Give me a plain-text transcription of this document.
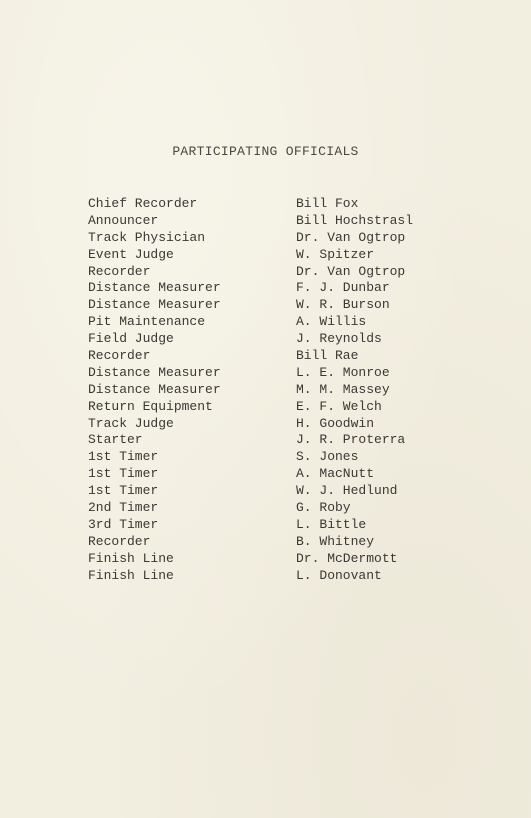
PARTICIPATING OFFICIALS
Chief Recorder	Bill Fox
Announcer	Bill Hochstrasl
Track Physician	Dr. Van Ogtrop
Event Judge	W. Spitzer
Recorder	Dr. Van Ogtrop
Distance Measurer	F. J. Dunbar
Distance Measurer	W. R. Burson
Pit Maintenance	A. Willis
Field Judge	J. Reynolds
Recorder	Bill Rae
Distance Measurer	L. E. Monroe
Distance Measurer	M. M. Massey
Return Equipment	E. F. Welch
Track Judge	H. Goodwin
Starter	J. R. Proterra
1st Timer	S. Jones
1st Timer	A. MacNutt
1st Timer	W. J. Hedlund
2nd Timer	G. Roby
3rd Timer	L. Bittle
Recorder	B. Whitney
Finish Line	Dr. McDermott
Finish Line	L. Donovant
